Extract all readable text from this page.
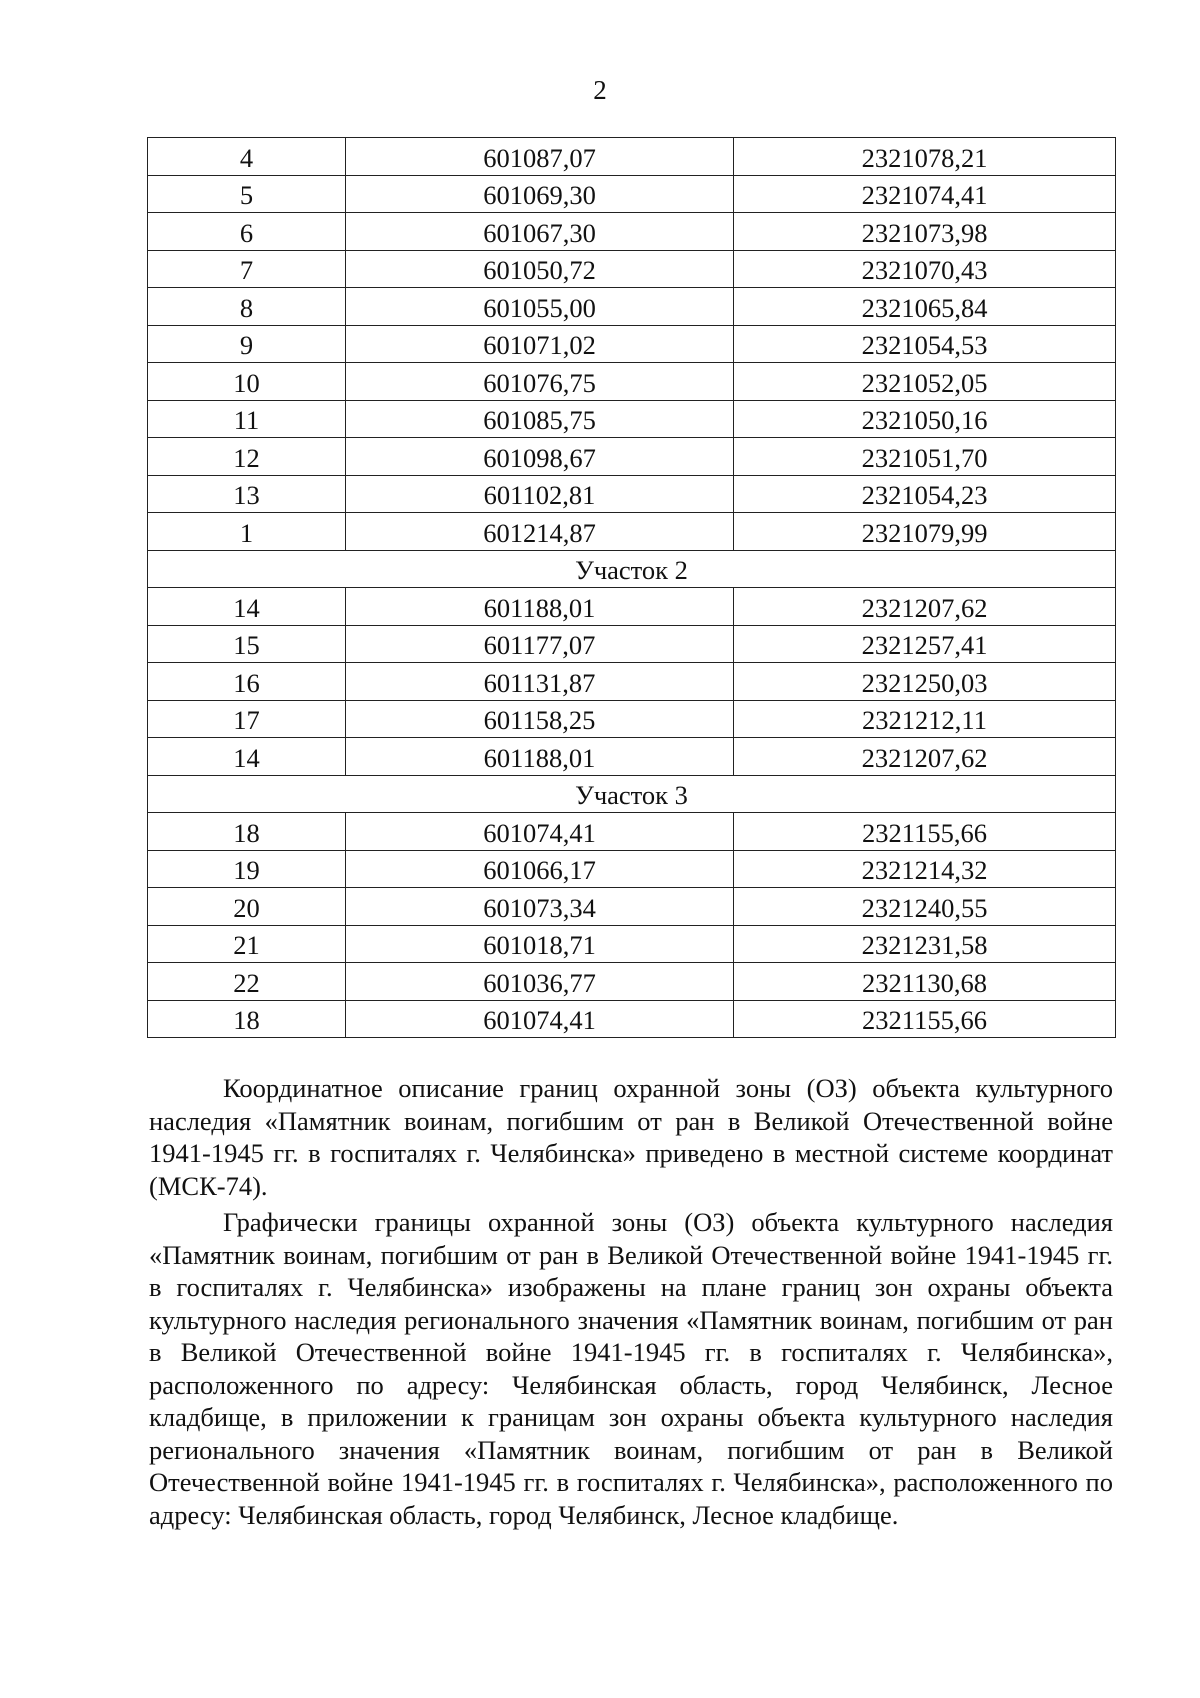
2
4	601087,07	2321078,21
5	601069,30	2321074,41
6	601067,30	2321073,98
7	601050,72	2321070,43
8	601055,00	2321065,84
9	601071,02	2321054,53
10	601076,75	2321052,05
11	601085,75	2321050,16
12	601098,67	2321051,70
13	601102,81	2321054,23
1	601214,87	2321079,99
Участок 2		
14	601188,01	2321207,62
15	601177,07	2321257,41
16	601131,87	2321250,03
17	601158,25	2321212,11
14	601188,01	2321207,62
Участок 3		
18	601074,41	2321155,66
19	601066,17	2321214,32
20	601073,34	2321240,55
21	601018,71	2321231,58
22	601036,77	2321130,68
18	601074,41	2321155,66

Координатное описание границ охранной зоны (ОЗ) объекта культурного наследия «Памятник воинам, погибшим от ран в Великой Отечественной войне 1941-1945 гг. в госпиталях г. Челябинска» приведено в местной системе координат (МСК-74).

Графически границы охранной зоны (ОЗ) объекта культурного наследия «Памятник воинам, погибшим от ран в Великой Отечественной войне 1941-1945 гг. в госпиталях г. Челябинска» изображены на плане границ зон охраны объекта культурного наследия регионального значения «Памятник воинам, погибшим от ран в Великой Отечественной войне 1941-1945 гг. в госпиталях г. Челябинска», расположенного по адресу: Челябинская область, город Челябинск, Лесное кладбище, в приложении к границам зон охраны объекта культурного наследия регионального значения «Памятник воинам, погибшим от ран в Великой Отечественной войне 1941-1945 гг. в госпиталях г. Челябинска», расположенного по адресу: Челябинская область, город Челябинск, Лесное кладбище.
